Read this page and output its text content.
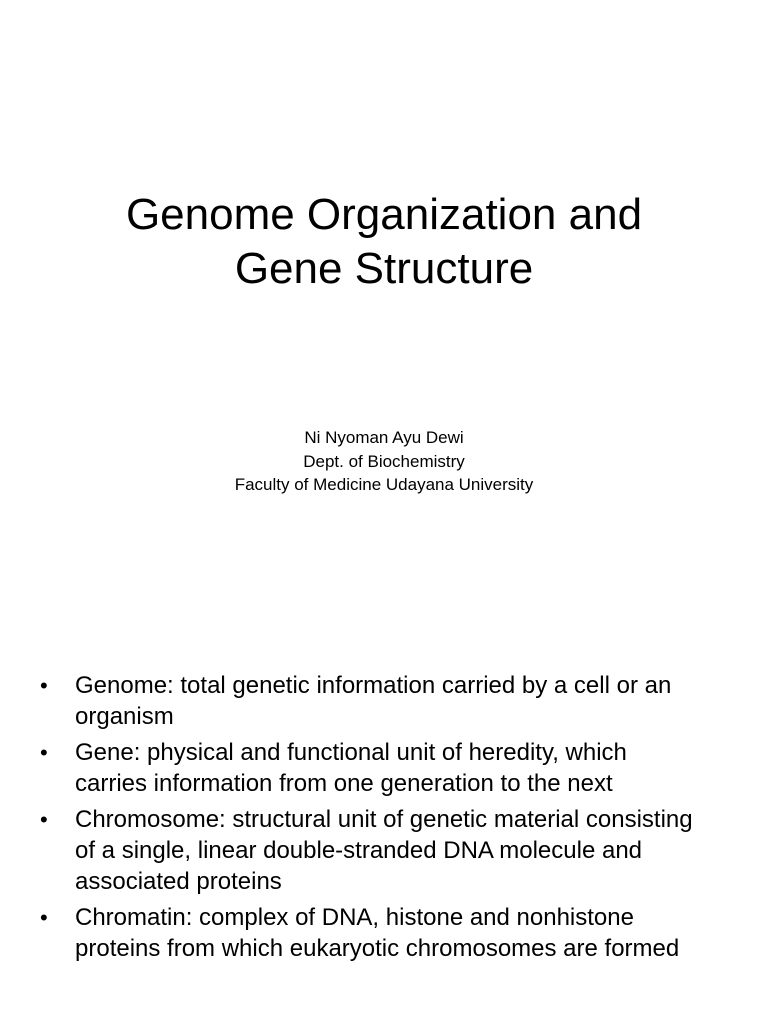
Genome Organization and
Gene Structure
Ni Nyoman Ayu Dewi
Dept. of Biochemistry
Faculty of Medicine Udayana University
•	Genome: total genetic information carried by a cell or an
organism
•	Gene: physical and functional unit of heredity, which
carries information from one generation to the next
•	Chromosome: structural unit of genetic material consisting
of a single, linear double-stranded DNA molecule and
associated proteins
•	Chromatin: complex of DNA, histone and nonhistone
proteins from which eukaryotic chromosomes are formed
